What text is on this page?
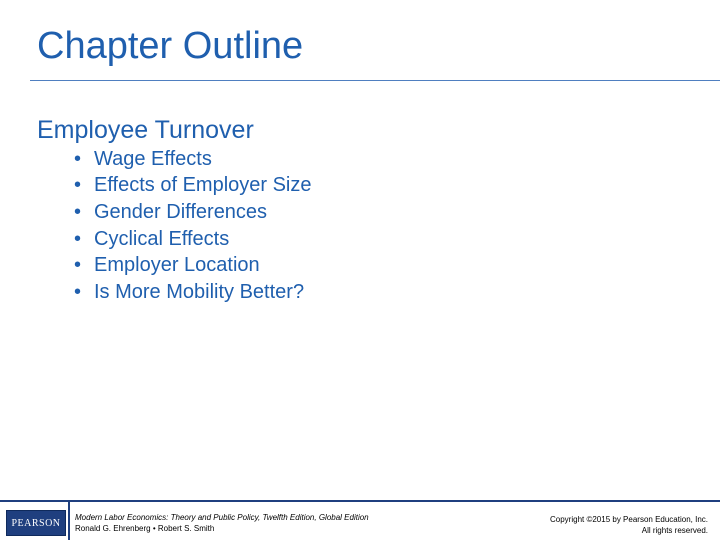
Chapter Outline
Employee Turnover
• Wage Effects
• Effects of Employer Size
• Gender Differences
• Cyclical Effects
• Employer Location
• Is More Mobility Better?
PEARSON Modern Labor Economics: Theory and Public Policy, Twelfth Edition, Global Edition
Ronald G. Ehrenberg • Robert S. Smith
Copyright ©2015 by Pearson Education, Inc.
All rights reserved.
